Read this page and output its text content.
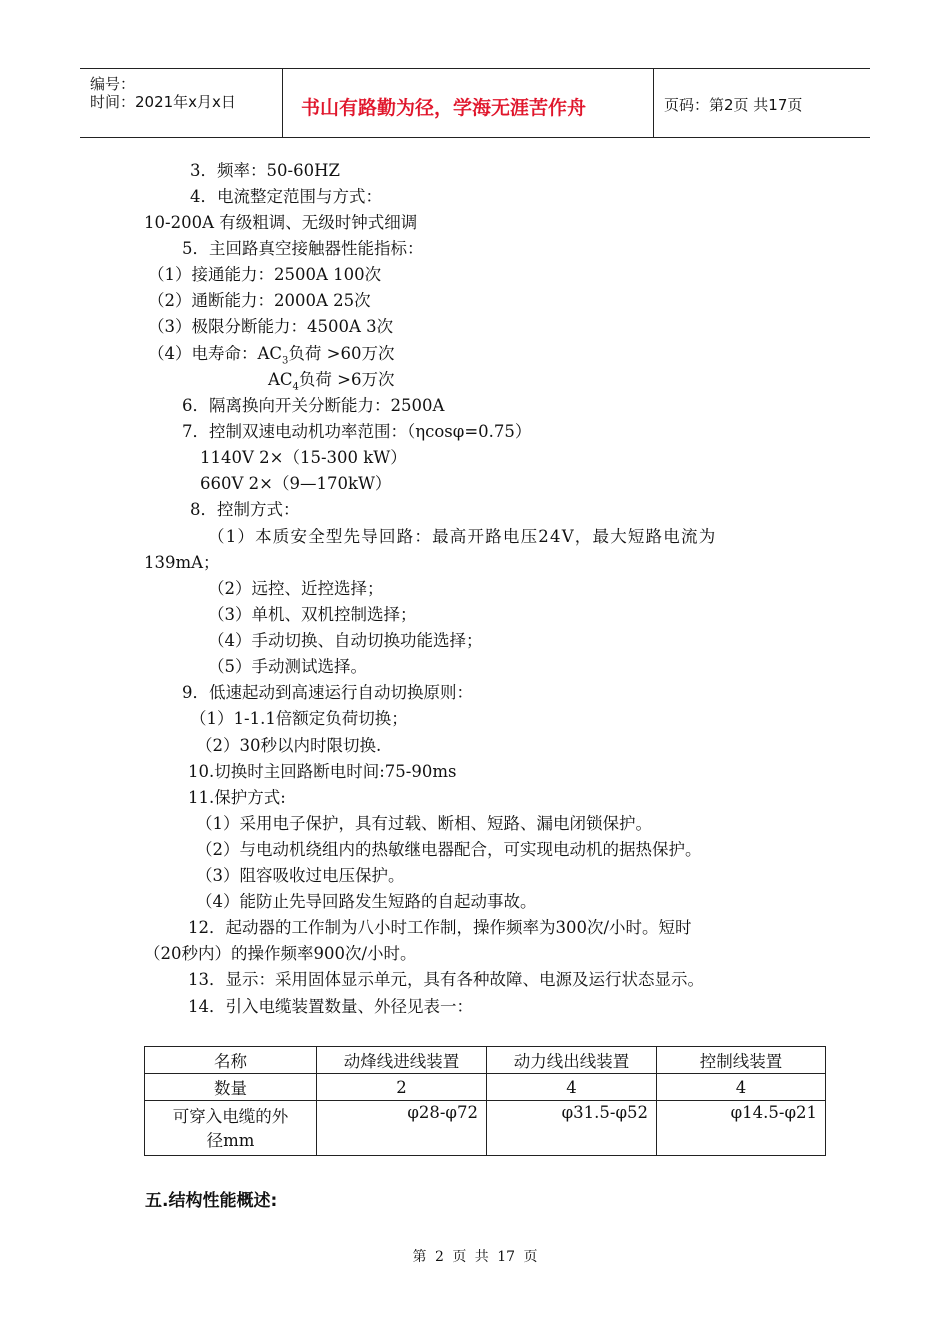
编号：
时间：2021年x月x日	书山有路勤为径，学海无涯苦作舟	页码：第2页 共17页
3．频率：50-60HZ
4．电流整定范围与方式：
10-200A 有级粗调、无级时钟式细调
5．主回路真空接触器性能指标：
（1）接通能力：2500A 100次
（2）通断能力：2000A 25次
（3）极限分断能力：4500A 3次
（4）电寿命：$AC_3$负荷 >60万次
$AC_4$负荷 >6万次
6．隔离换向开关分断能力：2500A
7．控制双速电动机功率范围：（ηcosφ=0.75）
1140V 2×（15-300 kW）
660V 2×（9—170kW）
8．控制方式：
（1）本质安全型先导回路：最高开路电压24V，最大短路电流为
139mA；
（2）远控、近控选择；
（3）单机、双机控制选择；
（4）手动切换、自动切换功能选择；
（5）手动测试选择。
9．低速起动到高速运行自动切换原则：
（1）1-1.1倍额定负荷切换；
（2）30秒以内时限切换.
10.切换时主回路断电时间:75-90ms
11.保护方式:
（1）采用电子保护，具有过载、断相、短路、漏电闭锁保护。
（2）与电动机绕组内的热敏继电器配合，可实现电动机的据热保护。
（3）阻容吸收过电压保护。
（4）能防止先导回路发生短路的自起动事故。
12．起动器的工作制为八小时工作制，操作频率为300次/小时。短时
（20秒内）的操作频率900次/小时。
13．显示：采用固体显示单元，具有各种故障、电源及运行状态显示。
14．引入电缆装置数量、外径见表一：
名称	动烽线进线装置	动力线出线装置	控制线装置
数量	2	4	4

可穿入电缆的外
径mm	φ28-φ72	φ31.5-φ52	φ14.5-φ21
五.结构性能概述:
第 2 页 共 17 页
